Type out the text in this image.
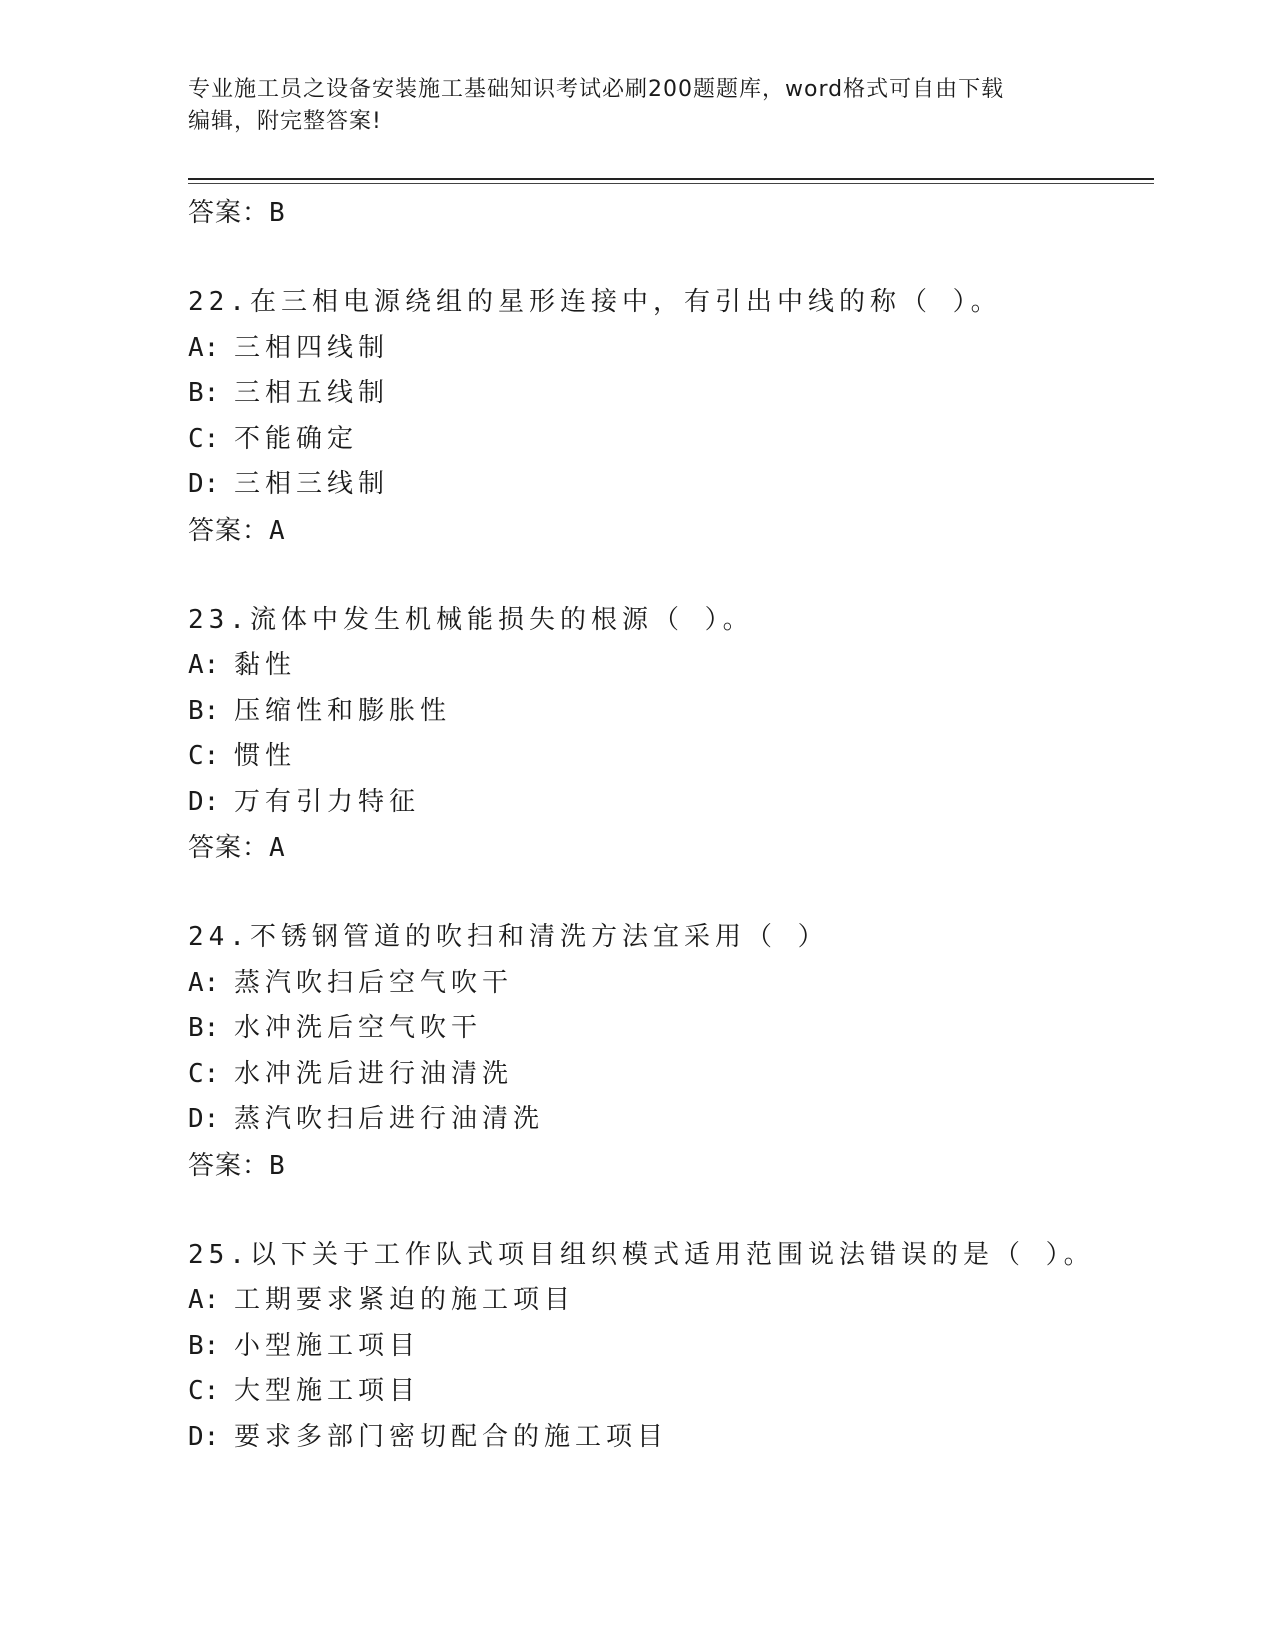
专业施工员之设备安装施工基础知识考试必刷200题题库，word格式可自由下载
编辑，附完整答案!
答案：B
22.在三相电源绕组的星形连接中，有引出中线的称（ ）。
A: 三相四线制
B: 三相五线制
C: 不能确定
D: 三相三线制
答案：A
23.流体中发生机械能损失的根源（ ）。
A: 黏性
B: 压缩性和膨胀性
C: 惯性
D: 万有引力特征
答案：A
24.不锈钢管道的吹扫和清洗方法宜采用（ ）
A: 蒸汽吹扫后空气吹干
B: 水冲洗后空气吹干
C: 水冲洗后进行油清洗
D: 蒸汽吹扫后进行油清洗
答案：B
25.以下关于工作队式项目组织模式适用范围说法错误的是（ ）。
A: 工期要求紧迫的施工项目
B: 小型施工项目
C: 大型施工项目
D: 要求多部门密切配合的施工项目
